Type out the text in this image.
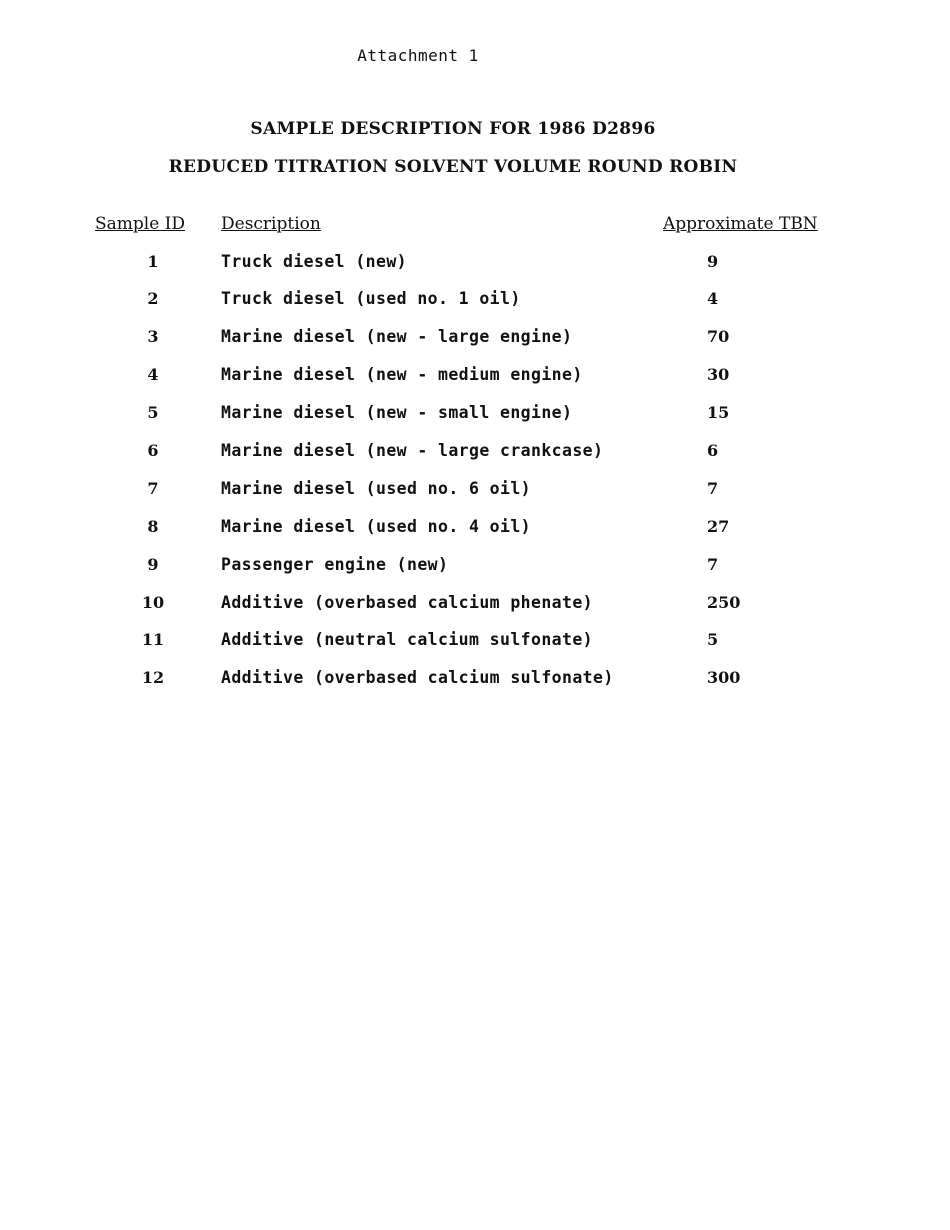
Attachment 1
SAMPLE DESCRIPTION FOR 1986 D2896
REDUCED TITRATION SOLVENT VOLUME ROUND ROBIN
Sample ID Description	Approximate TBN
1	Truck diesel (new)	9
2	Truck diesel (used no. 1 oil)	4
3	Marine diesel (new - large engine)	70
4	Marine diesel (new - medium engine)	30
5	Marine diesel (new - small engine)	15
6	Marine diesel (new - large crankcase)	6
7	Marine diesel (used no. 6 oil)	7
8	Marine diesel (used no. 4 oil)	27
9	Passenger engine (new)	7
10	Additive (overbased calcium phenate)	250
11	Additive (neutral calcium sulfonate)	5
12	Additive (overbased calcium sulfonate)	300
